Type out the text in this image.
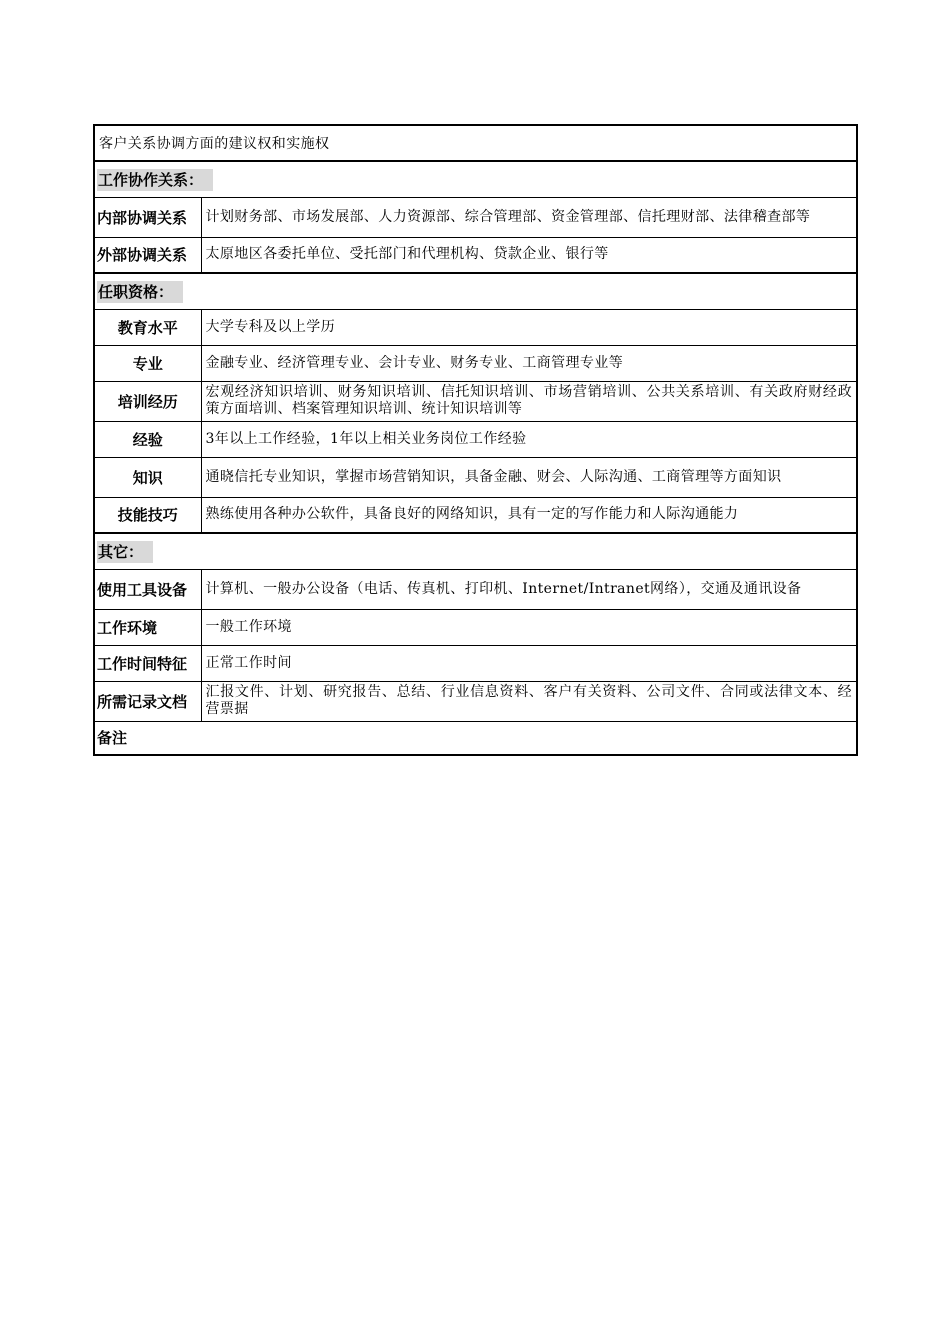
客户关系协调方面的建议权和实施权	
工作协作关系：	
内部协调关系	计划财务部、市场发展部、人力资源部、综合管理部、资金管理部、信托理财部、法律稽查部等
外部协调关系	太原地区各委托单位、受托部门和代理机构、贷款企业、银行等
任职资格：	
教育水平	大学专科及以上学历
专业	金融专业、经济管理专业、会计专业、财务专业、工商管理专业等
培训经历	宏观经济知识培训、财务知识培训、信托知识培训、市场营销培训、公共关系培训、有关政府财经政策方面培训、档案管理知识培训、统计知识培训等
经验	3年以上工作经验，1年以上相关业务岗位工作经验
知识	通晓信托专业知识，掌握市场营销知识，具备金融、财会、人际沟通、工商管理等方面知识
技能技巧	熟练使用各种办公软件，具备良好的网络知识，具有一定的写作能力和人际沟通能力
其它：	
使用工具设备	计算机、一般办公设备（电话、传真机、打印机、Internet/Intranet网络），交通及通讯设备
工作环境	一般工作环境
工作时间特征	正常工作时间
所需记录文档	汇报文件、计划、研究报告、总结、行业信息资料、客户有关资料、公司文件、合同或法律文本、经营票据
备注	
